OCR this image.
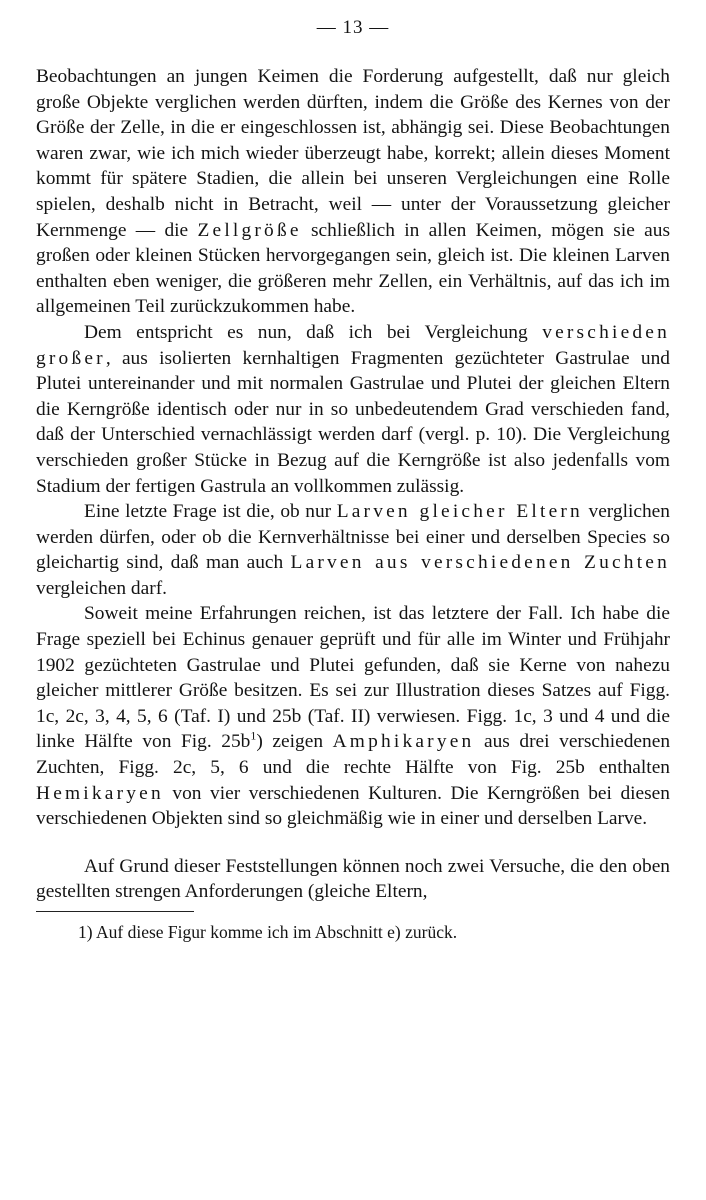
— 13 —

Beobachtungen an jungen Keimen die Forderung aufgestellt, daß nur gleich große Objekte verglichen werden dürften, indem die Größe des Kernes von der Größe der Zelle, in die er eingeschlossen ist, abhängig sei. Diese Beobachtungen waren zwar, wie ich mich wieder überzeugt habe, korrekt; allein dieses Moment kommt für spätere Stadien, die allein bei unseren Vergleichungen eine Rolle spielen, deshalb nicht in Betracht, weil — unter der Voraussetzung gleicher Kernmenge — die Zellgröße schließlich in allen Keimen, mögen sie aus großen oder kleinen Stücken hervorgegangen sein, gleich ist. Die kleinen Larven enthalten eben weniger, die größeren mehr Zellen, ein Verhältnis, auf das ich im allgemeinen Teil zurückzukommen habe.

Dem entspricht es nun, daß ich bei Vergleichung verschieden großer, aus isolierten kernhaltigen Fragmenten gezüchteter Gastrulae und Plutei untereinander und mit normalen Gastrulae und Plutei der gleichen Eltern die Kerngröße identisch oder nur in so unbedeutendem Grad verschieden fand, daß der Unterschied vernachlässigt werden darf (vergl. p. 10). Die Vergleichung verschieden großer Stücke in Bezug auf die Kerngröße ist also jedenfalls vom Stadium der fertigen Gastrula an vollkommen zulässig.

Eine letzte Frage ist die, ob nur Larven gleicher Eltern verglichen werden dürfen, oder ob die Kernverhältnisse bei einer und derselben Species so gleichartig sind, daß man auch Larven aus verschiedenen Zuchten vergleichen darf.

Soweit meine Erfahrungen reichen, ist das letztere der Fall. Ich habe die Frage speziell bei Echinus genauer geprüft und für alle im Winter und Frühjahr 1902 gezüchteten Gastrulae und Plutei gefunden, daß sie Kerne von nahezu gleicher mittlerer Größe besitzen. Es sei zur Illustration dieses Satzes auf Figg. 1c, 2c, 3, 4, 5, 6 (Taf. I) und 25b (Taf. II) verwiesen. Figg. 1c, 3 und 4 und die linke Hälfte von Fig. $25b^1$) zeigen Amphikaryen aus drei verschiedenen Zuchten, Figg. 2c, 5, 6 und die rechte Hälfte von Fig. 25b enthalten Hemikaryen von vier verschiedenen Kulturen. Die Kerngrößen bei diesen verschiedenen Objekten sind so gleichmäßig wie in einer und derselben Larve.

Auf Grund dieser Feststellungen können noch zwei Versuche, die den oben gestellten strengen Anforderungen (gleiche Eltern,

1) Auf diese Figur komme ich im Abschnitt e) zurück.
